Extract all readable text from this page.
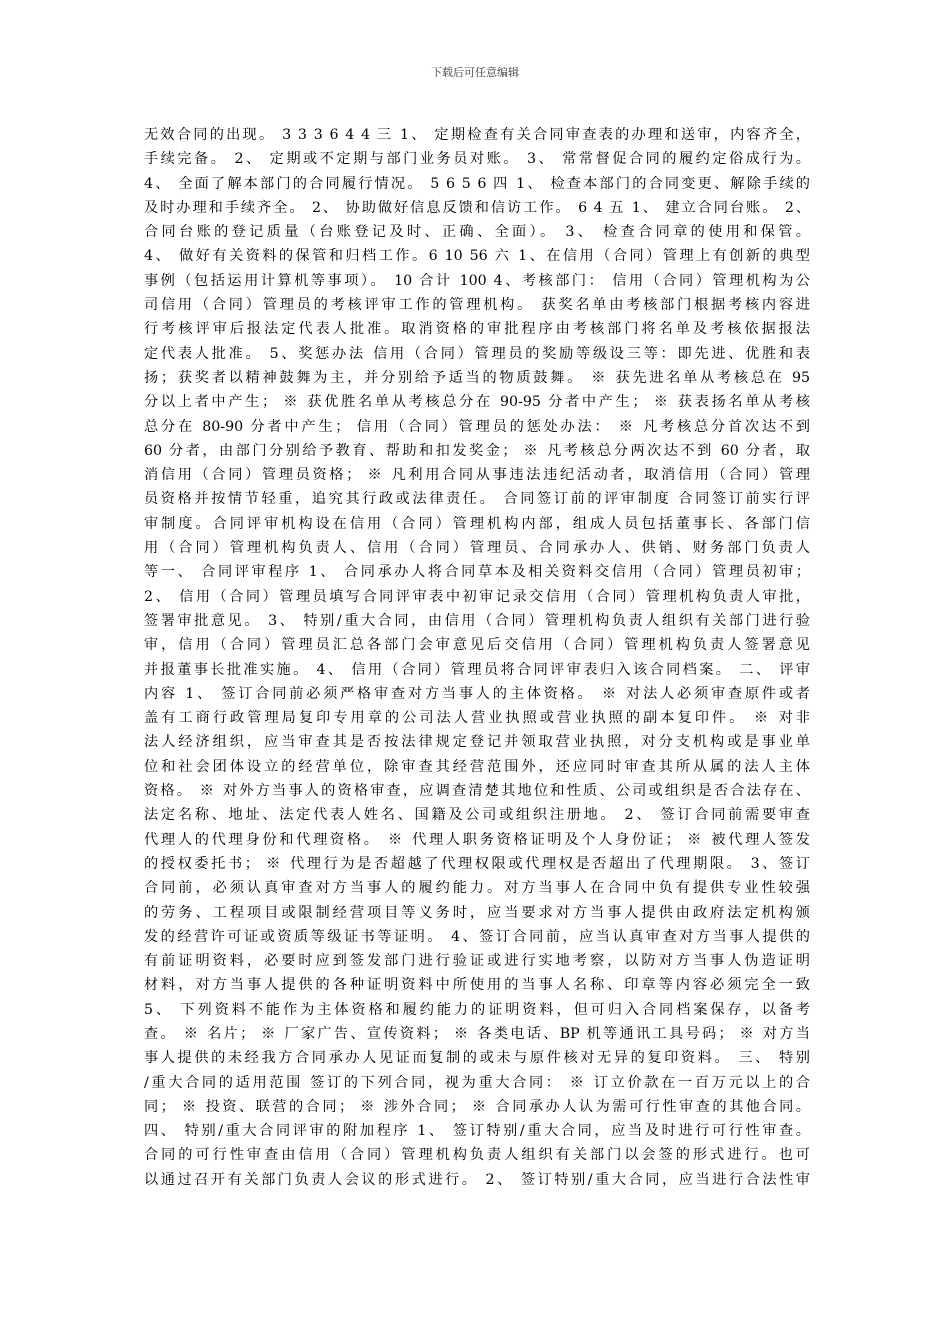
下载后可任意编辑
无效合同的出现。 3 3 3 6 4 4 三 1、 定期检查有关合同审查表的办理和送审，内容齐全，
手续完备。 2、 定期或不定期与部门业务员对账。 3、 常常督促合同的履约定俗成行为。
4、 全面了解本部门的合同履行情况。 5 6 5 6 四 1、 检查本部门的合同变更、解除手续的
及时办理和手续齐全。 2、 协助做好信息反馈和信访工作。 6 4 五 1、 建立合同台账。 2、
合同台账的登记质量（台账登记及时、正确、全面）。 3、 检查合同章的使用和保管。
4、 做好有关资料的保管和归档工作。6 10 56 六 1、在信用（合同）管理上有创新的典型
事例（包括运用计算机等事项）。 10 合计 100 4、考核部门： 信用（合同）管理机构为公
司信用（合同）管理员的考核评审工作的管理机构。 获奖名单由考核部门根据考核内容进
行考核评审后报法定代表人批准。取消资格的审批程序由考核部门将名单及考核依据报法
定代表人批准。 5、奖惩办法 信用（合同）管理员的奖励等级设三等：即先进、优胜和表
扬；获奖者以精神鼓舞为主，并分别给予适当的物质鼓舞。 ※ 获先进名单从考核总在 95
分以上者中产生； ※ 获优胜名单从考核总分在 90-95 分者中产生； ※ 获表扬名单从考核
总分在 80-90 分者中产生； 信用（合同）管理员的惩处办法： ※ 凡考核总分首次达不到
60 分者，由部门分别给予教育、帮助和扣发奖金； ※ 凡考核总分两次达不到 60 分者，取
消信用（合同）管理员资格； ※ 凡利用合同从事违法违纪活动者，取消信用（合同）管理
员资格并按情节轻重，追究其行政或法律责任。 合同签订前的评审制度 合同签订前实行评
审制度。合同评审机构设在信用（合同）管理机构内部，组成人员包括董事长、各部门信
用（合同）管理机构负责人、信用（合同）管理员、合同承办人、供销、财务部门负责人
等一、 合同评审程序 1、 合同承办人将合同草本及相关资料交信用（合同）管理员初审；
2、 信用（合同）管理员填写合同评审表中初审记录交信用（合同）管理机构负责人审批，
签署审批意见。 3、 特别/重大合同，由信用（合同）管理机构负责人组织有关部门进行验
审，信用（合同）管理员汇总各部门会审意见后交信用（合同）管理机构负责人签署意见
并报董事长批准实施。 4、 信用（合同）管理员将合同评审表归入该合同档案。 二、 评审
内容 1、 签订合同前必须严格审查对方当事人的主体资格。 ※ 对法人必须审查原件或者
盖有工商行政管理局复印专用章的公司法人营业执照或营业执照的副本复印件。 ※ 对非
法人经济组织，应当审查其是否按法律规定登记并领取营业执照，对分支机构或是事业单
位和社会团体设立的经营单位，除审查其经营范围外，还应同时审查其所从属的法人主体
资格。 ※ 对外方当事人的资格审查，应调查清楚其地位和性质、公司或组织是否合法存在、
法定名称、地址、法定代表人姓名、国籍及公司或组织注册地。 2、 签订合同前需要审查
代理人的代理身份和代理资格。 ※ 代理人职务资格证明及个人身份证； ※ 被代理人签发
的授权委托书； ※ 代理行为是否超越了代理权限或代理权是否超出了代理期限。 3、签订
合同前，必须认真审查对方当事人的履约能力。对方当事人在合同中负有提供专业性较强
的劳务、工程项目或限制经营项目等义务时，应当要求对方当事人提供由政府法定机构颁
发的经营许可证或资质等级证书等证明。 4、签订合同前，应当认真审查对方当事人提供的
有前证明资料，必要时应到签发部门进行验证或进行实地考察，以防对方当事人伪造证明
材料，对方当事人提供的各种证明资料中所使用的当事人名称、印章等内容必须完全一致
5、 下列资料不能作为主体资格和履约能力的证明资料，但可归入合同档案保存，以备考
查。 ※ 名片； ※ 厂家广告、宣传资料； ※ 各类电话、BP 机等通讯工具号码； ※ 对方当
事人提供的未经我方合同承办人见证而复制的或未与原件核对无异的复印资料。 三、 特别
/重大合同的适用范围 签订的下列合同，视为重大合同： ※ 订立价款在一百万元以上的合
同； ※ 投资、联营的合同； ※ 涉外合同； ※ 合同承办人认为需可行性审查的其他合同。
四、 特别/重大合同评审的附加程序 1、 签订特别/重大合同，应当及时进行可行性审查。
合同的可行性审查由信用（合同）管理机构负责人组织有关部门以会签的形式进行。也可
以通过召开有关部门负责人会议的形式进行。 2、 签订特别/重大合同，应当进行合法性审
